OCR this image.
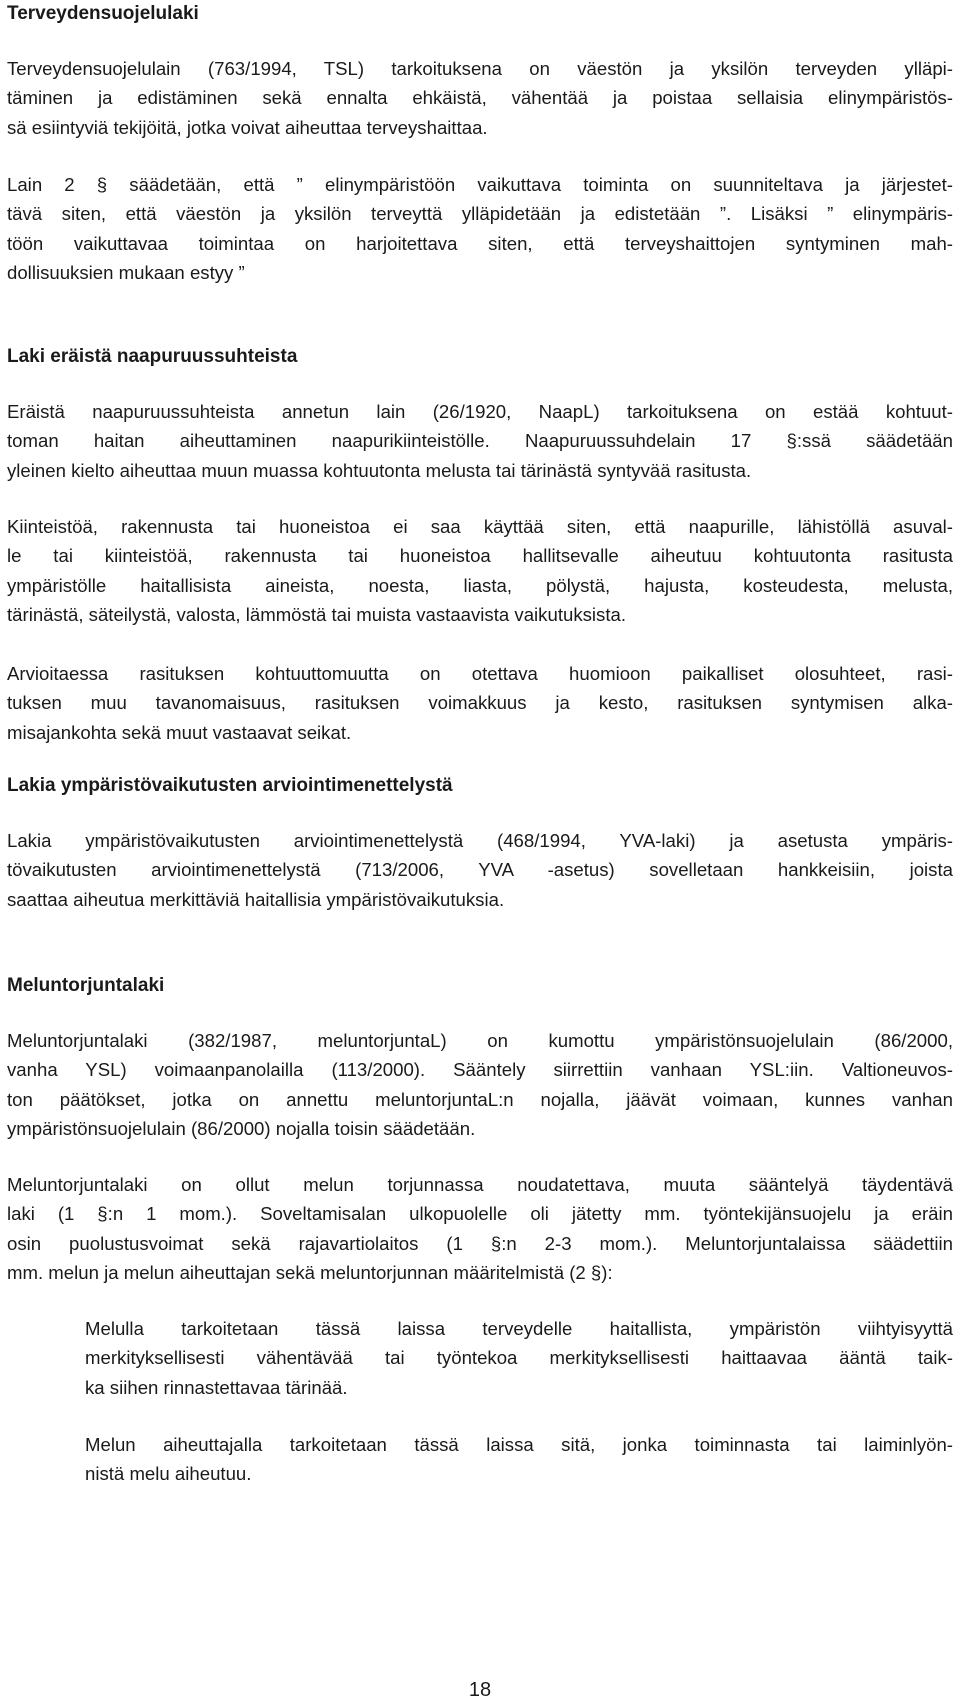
Terveydensuojelulaki
Terveydensuojelulain (763/1994, TSL) tarkoituksena on väestön ja yksilön terveyden ylläpi-
täminen ja edistäminen sekä ennalta ehkäistä, vähentää ja poistaa sellaisia elinympäristös-
sä esiintyviä tekijöitä, jotka voivat aiheuttaa terveyshaittaa.
Lain 2 § säädetään, että ” elinympäristöön vaikuttava toiminta on suunniteltava ja järjestet-
tävä siten, että väestön ja yksilön terveyttä ylläpidetään ja edistetään ”. Lisäksi ” elinympäris-
töön vaikuttavaa toimintaa on harjoitettava siten, että terveyshaittojen syntyminen mah-
dollisuuksien mukaan estyy ”
Laki eräistä naapuruussuhteista
Eräistä naapuruussuhteista annetun lain (26/1920, NaapL) tarkoituksena on estää kohtuut-
toman haitan aiheuttaminen naapurikiinteistölle. Naapuruussuhdelain 17 §:ssä säädetään
yleinen kielto aiheuttaa muun muassa kohtuutonta melusta tai tärinästä syntyvää rasitusta.
Kiinteistöä, rakennusta tai huoneistoa ei saa käyttää siten, että naapurille, lähistöllä asuval-
le tai kiinteistöä, rakennusta tai huoneistoa hallitsevalle aiheutuu kohtuutonta rasitusta
ympäristölle haitallisista aineista, noesta, liasta, pölystä, hajusta, kosteudesta, melusta,
tärinästä, säteilystä, valosta, lämmöstä tai muista vastaavista vaikutuksista.
Arvioitaessa rasituksen kohtuuttomuutta on otettava huomioon paikalliset olosuhteet, rasi-
tuksen muu tavanomaisuus, rasituksen voimakkuus ja kesto, rasituksen syntymisen alka-
misajankohta sekä muut vastaavat seikat.
Lakia ympäristövaikutusten arviointimenettelystä
Lakia ympäristövaikutusten arviointimenettelystä (468/1994, YVA-laki) ja asetusta ympäris-
tövaikutusten arviointimenettelystä (713/2006, YVA -asetus) sovelletaan hankkeisiin, joista
saattaa aiheutua merkittäviä haitallisia ympäristövaikutuksia.
Meluntorjuntalaki
Meluntorjuntalaki (382/1987, meluntorjuntaL) on kumottu ympäristönsuojelulain (86/2000,
vanha YSL) voimaanpanolailla (113/2000). Sääntely siirrettiin vanhaan YSL:iin. Valtioneuvos-
ton päätökset, jotka on annettu meluntorjuntaL:n nojalla, jäävät voimaan, kunnes vanhan
ympäristönsuojelulain (86/2000) nojalla toisin säädetään.
Meluntorjuntalaki on ollut melun torjunnassa noudatettava, muuta sääntelyä täydentävä
laki (1 §:n 1 mom.). Soveltamisalan ulkopuolelle oli jätetty mm. työntekijänsuojelu ja eräin
osin puolustusvoimat sekä rajavartiolaitos (1 §:n 2-3 mom.). Meluntorjuntalaissa säädettiin
mm. melun ja melun aiheuttajan sekä meluntorjunnan määritelmistä (2 §):
Melulla tarkoitetaan tässä laissa terveydelle haitallista, ympäristön viihtyisyyttä
merkityksellisesti vähentävää tai työntekoa merkityksellisesti haittaavaa ääntä taik-
ka siihen rinnastettavaa tärinää.
Melun aiheuttajalla tarkoitetaan tässä laissa sitä, jonka toiminnasta tai laiminlyön-
nistä melu aiheutuu.
18
